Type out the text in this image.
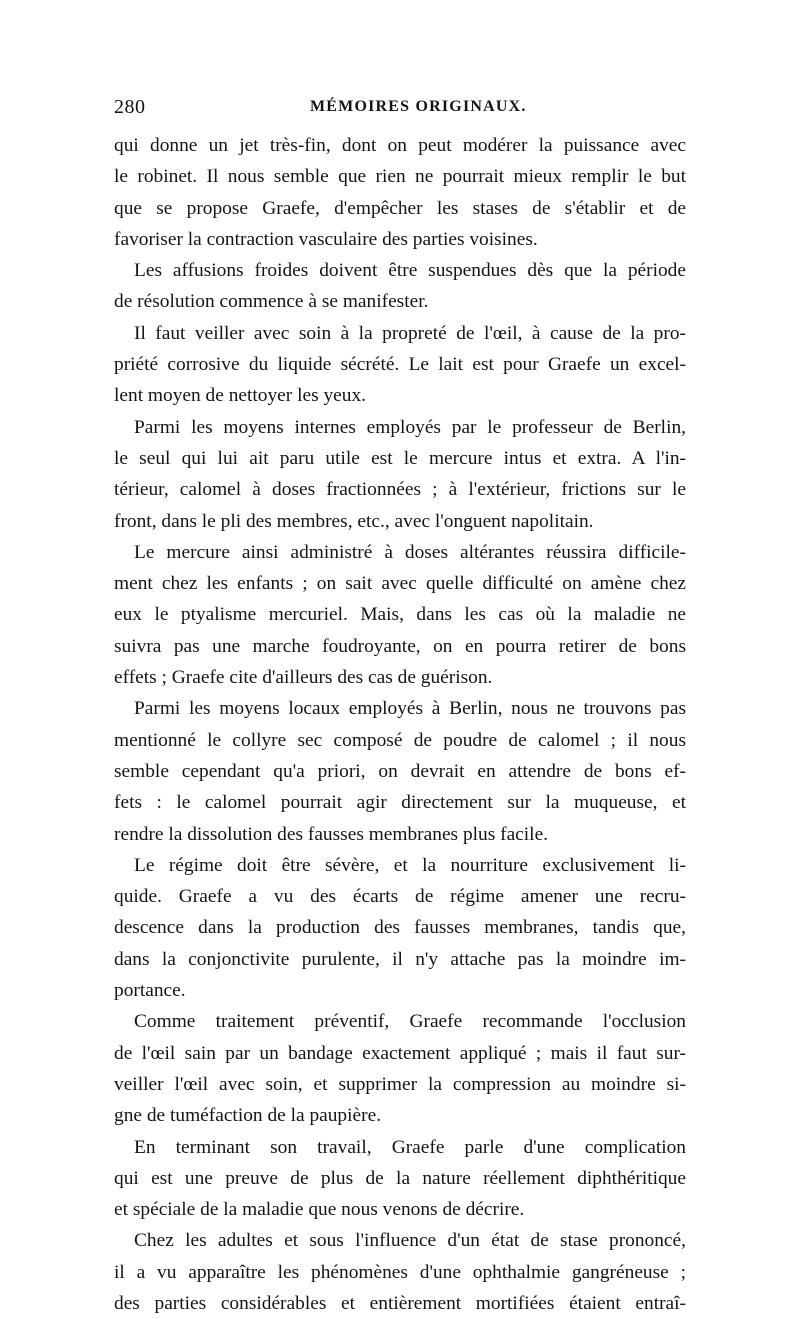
280	MÉMOIRES ORIGINAUX.
qui donne un jet très-fin, dont on peut modérer la puissance avec
le robinet. Il nous semble que rien ne pourrait mieux remplir le but
que se propose Graefe, d'empêcher les stases de s'établir et de
favoriser la contraction vasculaire des parties voisines.
Les affusions froides doivent être suspendues dès que la période
de résolution commence à se manifester.
Il faut veiller avec soin à la propreté de l'œil, à cause de la pro-
priété corrosive du liquide sécrété. Le lait est pour Graefe un excel-
lent moyen de nettoyer les yeux.
Parmi les moyens internes employés par le professeur de Berlin,
le seul qui lui ait paru utile est le mercure intus et extra. A l'in-
térieur, calomel à doses fractionnées ; à l'extérieur, frictions sur le
front, dans le pli des membres, etc., avec l'onguent napolitain.
Le mercure ainsi administré à doses altérantes réussira difficile-
ment chez les enfants ; on sait avec quelle difficulté on amène chez
eux le ptyalisme mercuriel. Mais, dans les cas où la maladie ne
suivra pas une marche foudroyante, on en pourra retirer de bons
effets ; Graefe cite d'ailleurs des cas de guérison.
Parmi les moyens locaux employés à Berlin, nous ne trouvons pas
mentionné le collyre sec composé de poudre de calomel ; il nous
semble cependant qu'a priori, on devrait en attendre de bons ef-
fets : le calomel pourrait agir directement sur la muqueuse, et
rendre la dissolution des fausses membranes plus facile.
Le régime doit être sévère, et la nourriture exclusivement li-
quide. Graefe a vu des écarts de régime amener une recru-
descence dans la production des fausses membranes, tandis que,
dans la conjonctivite purulente, il n'y attache pas la moindre im-
portance.
Comme traitement préventif, Graefe recommande l'occlusion
de l'œil sain par un bandage exactement appliqué ; mais il faut sur-
veiller l'œil avec soin, et supprimer la compression au moindre si-
gne de tuméfaction de la paupière.
En terminant son travail, Graefe parle d'une complication
qui est une preuve de plus de la nature réellement diphthéritique
et spéciale de la maladie que nous venons de décrire.
Chez les adultes et sous l'influence d'un état de stase prononcé,
il a vu apparaître les phénomènes d'une ophthalmie gangréneuse ;
des parties considérables et entièrement mortifiées étaient entraî-
